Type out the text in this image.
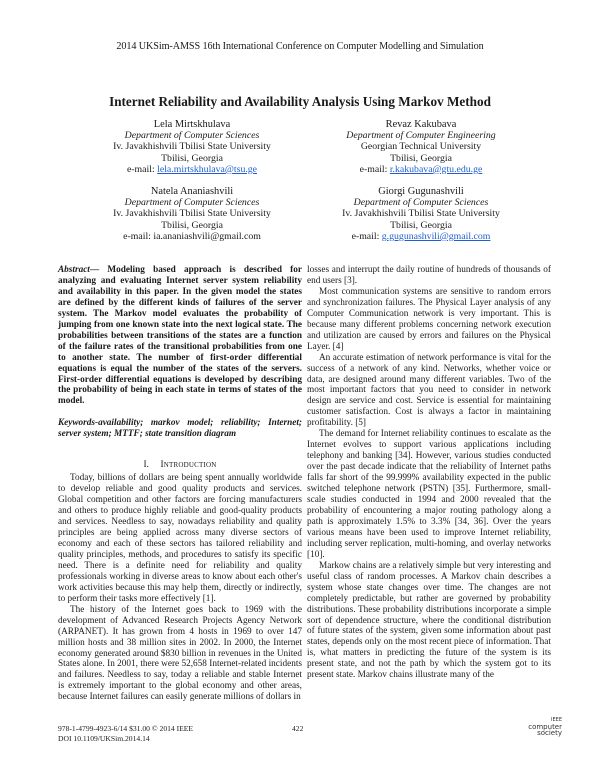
2014 UKSim-AMSS 16th International Conference on Computer Modelling and Simulation
Internet Reliability and Availability Analysis Using Markov Method
Lela Mirtskhulava
Department of Computer Sciences
Iv. Javakhishvili Tbilisi State University
Tbilisi, Georgia
e-mail: lela.mirtskhulava@tsu.ge
Revaz Kakubava
Department of Computer Engineering
Georgian Technical University
Tbilisi, Georgia
e-mail: r.kakubava@gtu.edu.ge
Natela Ananiashvili
Department of Computer Sciences
Iv. Javakhishvili Tbilisi State University
Tbilisi, Georgia
e-mail: ia.ananiashvili@gmail.com
Giorgi Gugunashvili
Department of Computer Sciences
Iv. Javakhishvili Tbilisi State University
Tbilisi, Georgia
e-mail: g.gugunashvili@gmail.com

Abstract— Modeling based approach is described for analyzing and evaluating Internet server system reliability and availability in this paper. In the given model the states are defined by the different kinds of failures of the server system. The Markov model evaluates the probability of jumping from one known state into the next logical state. The probabilities between transitions of the states are a function of the failure rates of the transitional probabilities from one to another state. The number of first-order differential equations is equal the number of the states of the servers. First-order differential equations is developed by describing the probability of being in each state in terms of states of the model.

Keywords-availability; markov model; reliability; Internet; server system; MTTF; state transition diagram

I. Introduction

Today, billions of dollars are being spent annually worldwide to develop reliable and good quality products and services. Global competition and other factors are forcing manufacturers and others to produce highly reliable and good-quality products and services. Needless to say, nowadays reliability and quality principles are being applied across many diverse sectors of economy and each of these sectors has tailored reliability and quality principles, methods, and procedures to satisfy its specific need. There is a definite need for reliability and quality professionals working in diverse areas to know about each other's work activities because this may help them, directly or indirectly, to perform their tasks more effectively [1].

The history of the Internet goes back to 1969 with the development of Advanced Research Projects Agency Network (ARPANET). It has grown from 4 hosts in 1969 to over 147 million hosts and 38 million sites in 2002. In 2000, the Internet economy generated around $830 billion in revenues in the United States alone. In 2001, there were 52,658 Internet-related incidents and failures. Needless to say, today a reliable and stable Internet is extremely important to the global economy and other areas, because Internet failures can easily generate millions of dollars in

losses and interrupt the daily routine of hundreds of thousands of end users [3].

Most communication systems are sensitive to random errors and synchronization failures. The Physical Layer analysis of any Computer Communication network is very important. This is because many different problems concerning network execution and utilization are caused by errors and failures on the Physical Layer. [4]

An accurate estimation of network performance is vital for the success of a network of any kind. Networks, whether voice or data, are designed around many different variables. Two of the most important factors that you need to consider in network design are service and cost. Service is essential for maintaining customer satisfaction. Cost is always a factor in maintaining profitability. [5]

The demand for Internet reliability continues to escalate as the Internet evolves to support various applications including telephony and banking [34]. However, various studies conducted over the past decade indicate that the reliability of Internet paths falls far short of the 99.999% availability expected in the public switched telephone network (PSTN) [35]. Furthermore, small-scale studies conducted in 1994 and 2000 revealed that the probability of encountering a major routing pathology along a path is approximately 1.5% to 3.3% [34, 36]. Over the years various means have been used to improve Internet reliability, including server replication, multi-homing, and overlay networks [10].

Markow chains are a relatively simple but very interesting and useful class of random processes. A Markov chain describes a system whose state changes over time. The changes are not completely predictable, but rather are governed by probability distributions. These probability distributions incorporate a simple sort of dependence structure, where the conditional distribution of future states of the system, given some information about past states, depends only on the most recent piece of information. That is, what matters in predicting the future of the system is its present state, and not the path by which the system got to its present state. Markov chains illustrate many of the

978-1-4799-4923-6/14 $31.00 © 2014 IEEE
DOI 10.1109/UKSim.2014.14
422
IEEE
computer
society
